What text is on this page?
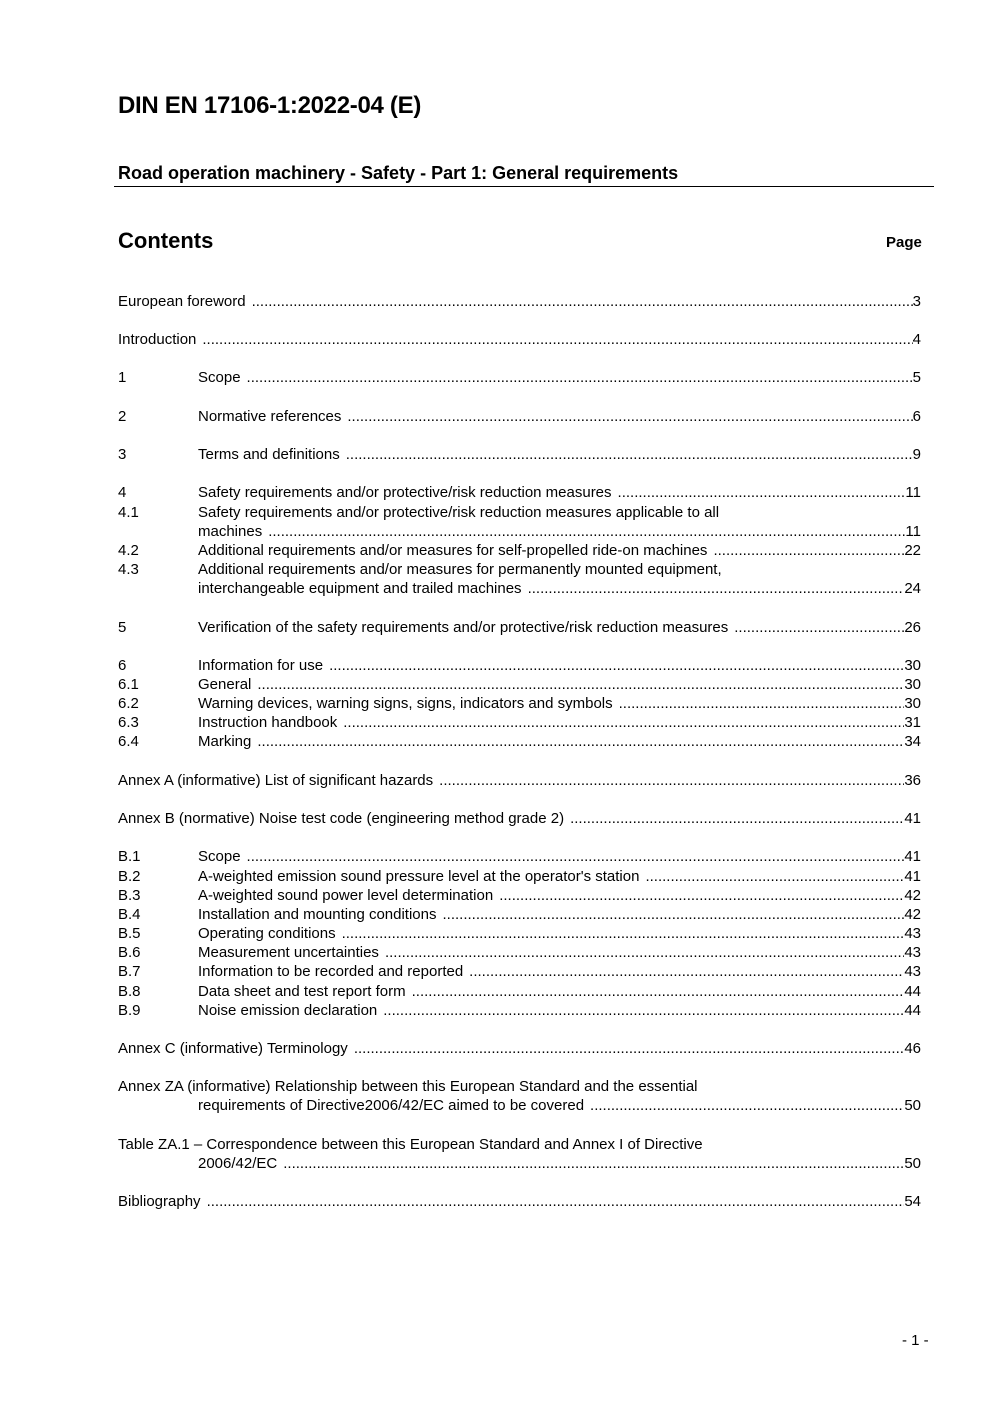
DIN EN 17106-1:2022-04 (E)
Road operation machinery - Safety - Part 1: General requirements
Contents	Page
European foreword .....	3
Introduction .....	4
1	Scope .....	5
2	Normative references .....	6
3	Terms and definitions .....	9
4	Safety requirements and/or protective/risk reduction measures .....	11
4.1	Safety requirements and/or protective/risk reduction measures applicable to all
machines .....	11
4.2	Additional requirements and/or measures for self-propelled ride-on machines .....	22
4.3	Additional requirements and/or measures for permanently mounted equipment,
interchangeable equipment and trailed machines .....	24
5	Verification of the safety requirements and/or protective/risk reduction measures .....	26
6	Information for use .....	30
6.1	General .....	30
6.2	Warning devices, warning signs, signs, indicators and symbols .....	30
6.3	Instruction handbook .....	31
6.4	Marking .....	34
Annex A (informative) List of significant hazards .....	36
Annex B (normative) Noise test code (engineering method grade 2) .....	41
B.1	Scope .....	41
B.2	A-weighted emission sound pressure level at the operator's station .....	41
B.3	A-weighted sound power level determination .....	42
B.4	Installation and mounting conditions .....	42
B.5	Operating conditions .....	43
B.6	Measurement uncertainties .....	43
B.7	Information to be recorded and reported .....	43
B.8	Data sheet and test report form .....	44
B.9	Noise emission declaration .....	44
Annex C (informative) Terminology .....	46
Annex ZA (informative) Relationship between this European Standard and the essential
requirements of Directive2006/42/EC aimed to be covered .....	50
Table ZA.1 – Correspondence between this European Standard and Annex I of Directive
2006/42/EC .....	50
Bibliography .....	54
- 1 -
